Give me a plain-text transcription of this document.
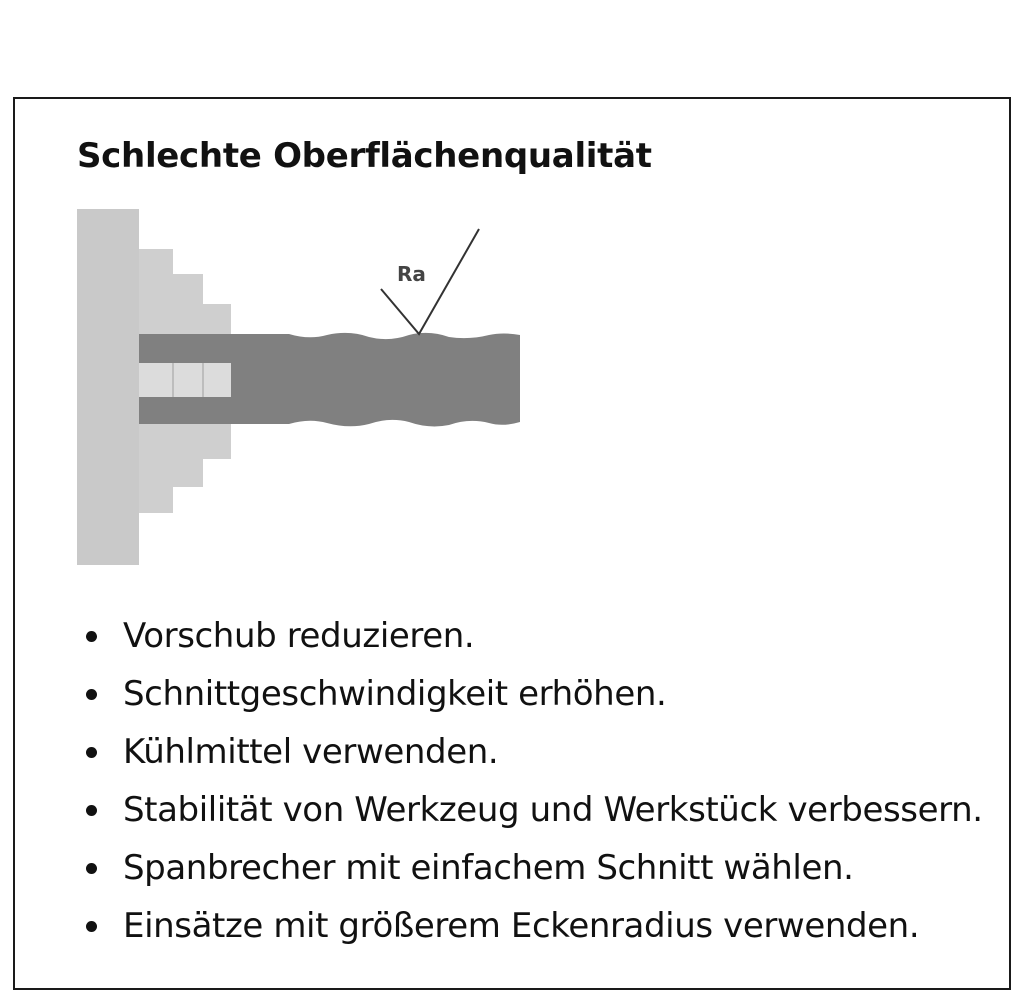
Schlechte Oberflächenqualität
Ra
Vorschub reduzieren.
Schnittgeschwindigkeit erhöhen.
Kühlmittel verwenden.
Stabilität von Werkzeug und Werkstück verbessern.
Spanbrecher mit einfachem Schnitt wählen.
Einsätze mit größerem Eckenradius verwenden.
